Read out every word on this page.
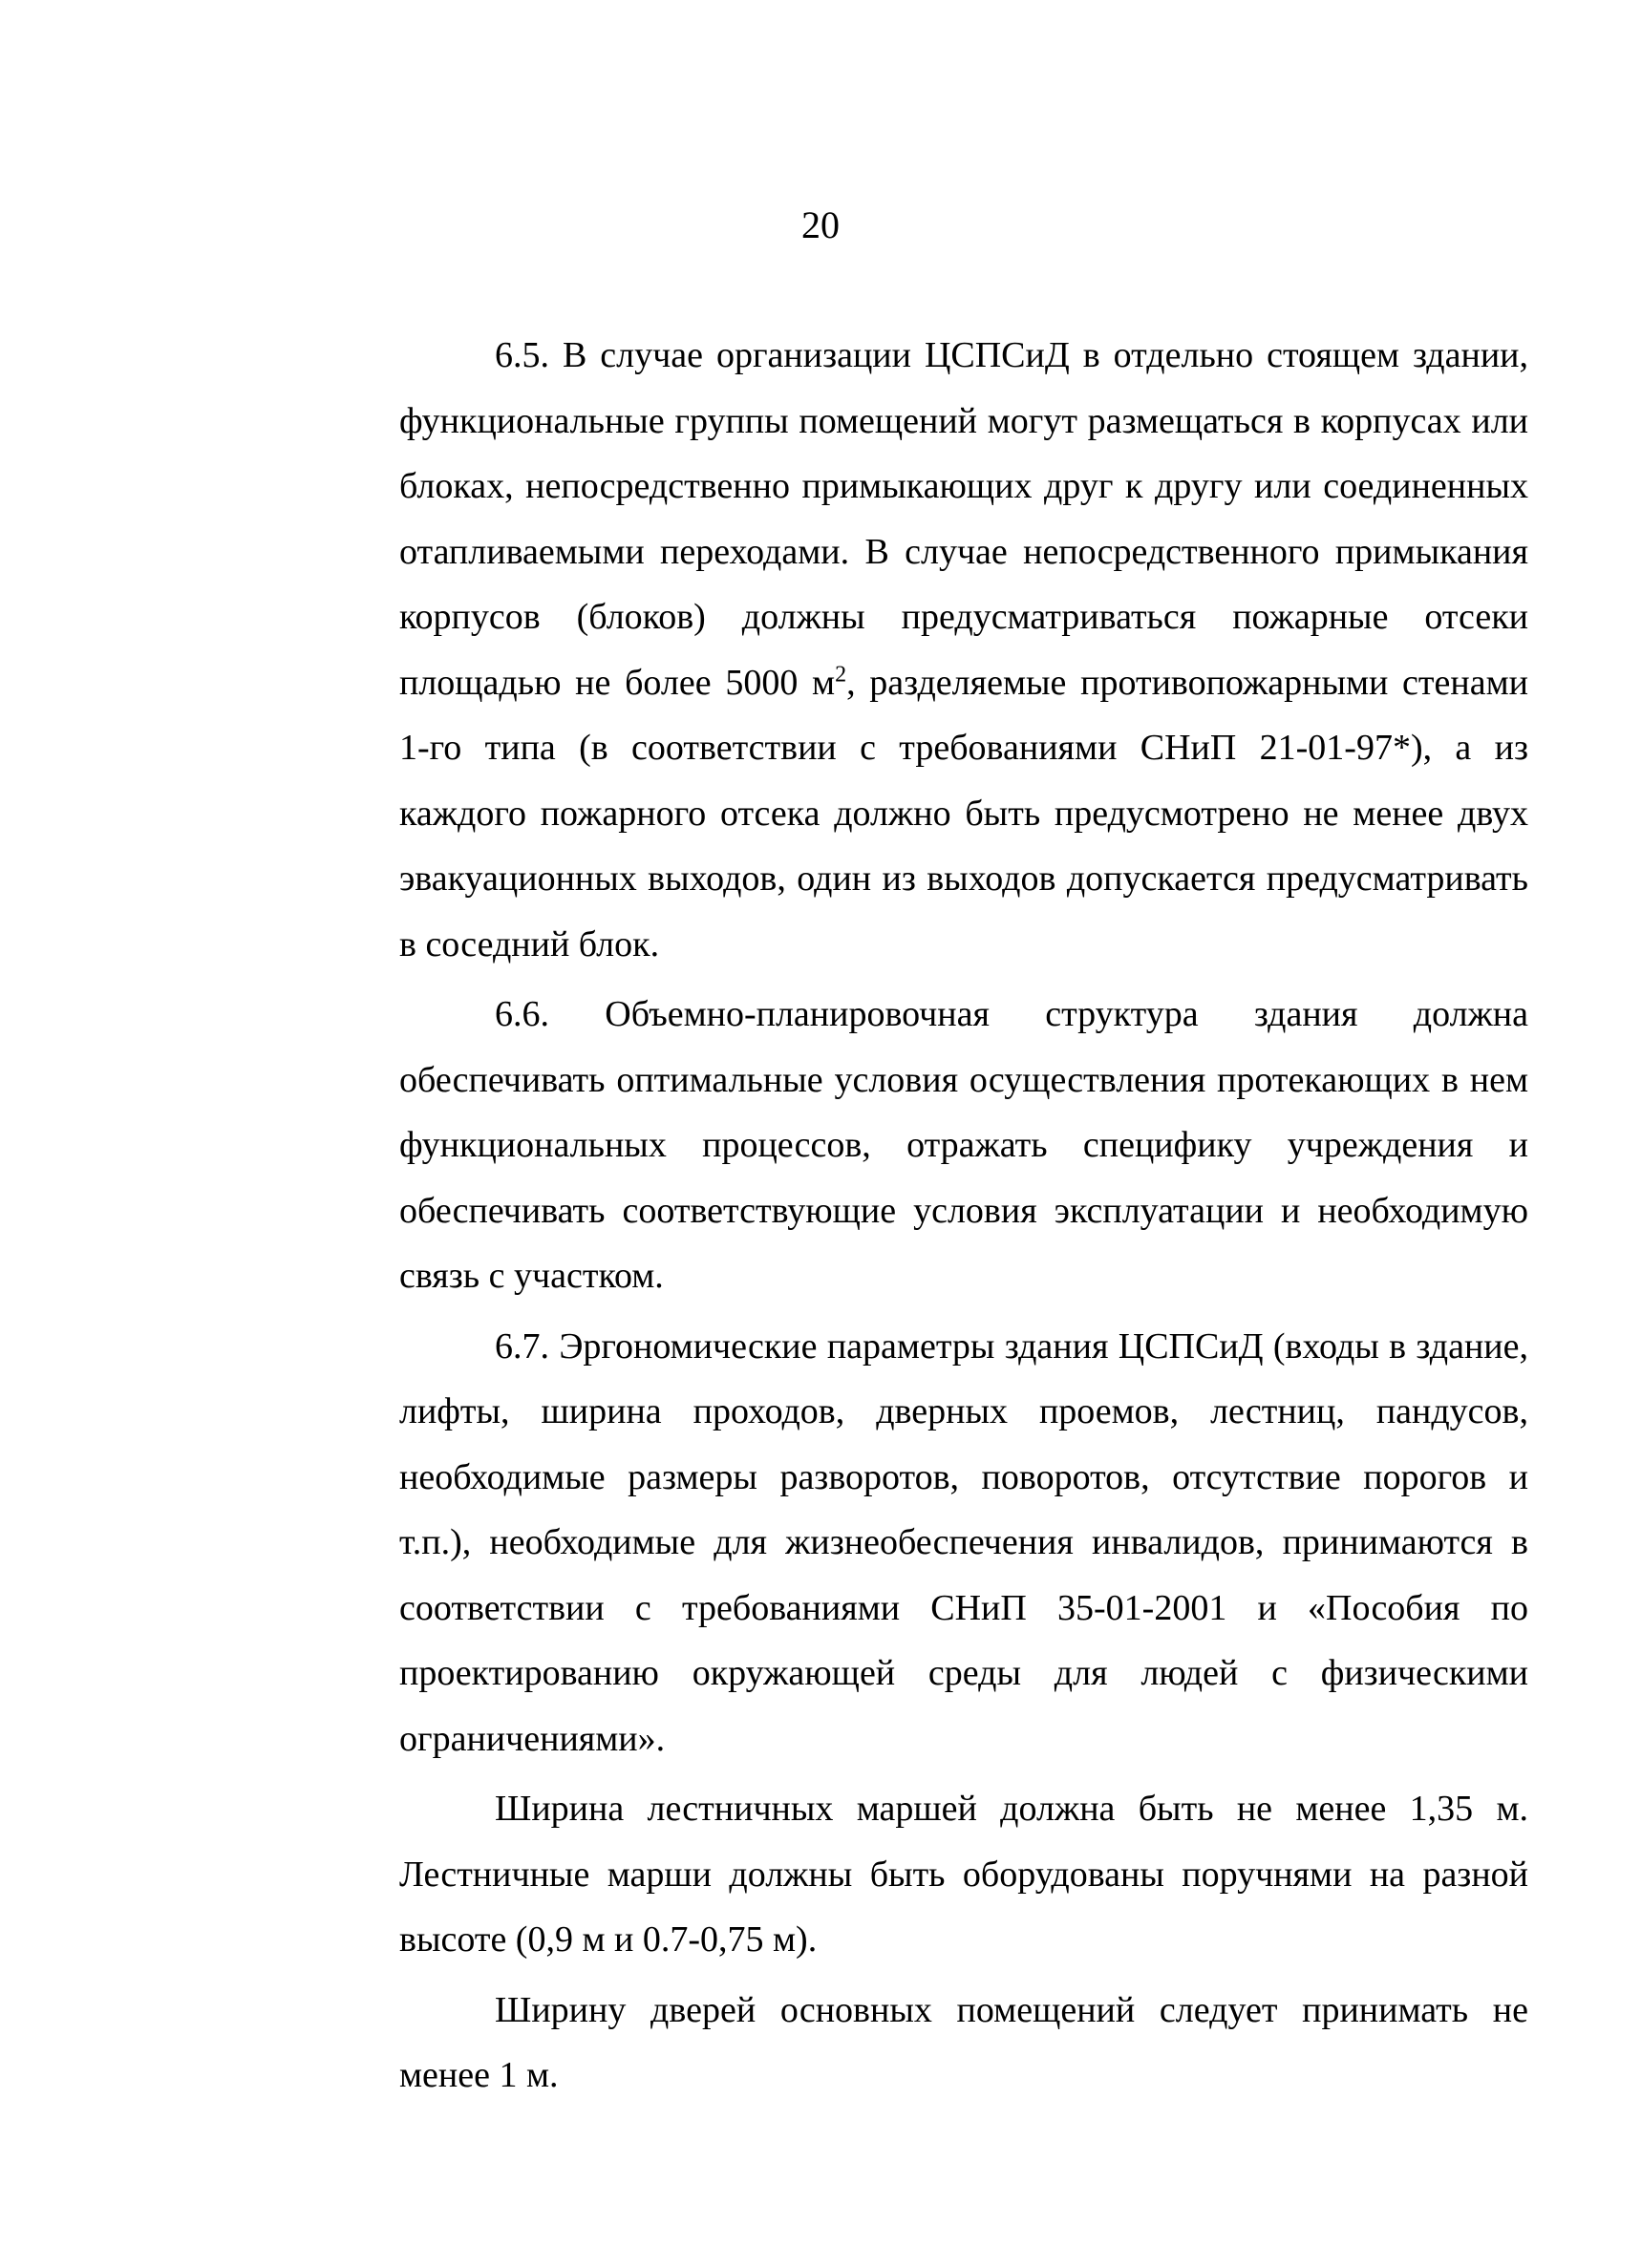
20

6.5. В случае организации ЦСПСиД в отдельно стоящем здании, функциональные группы помещений могут размещаться в корпусах или блоках, непосредственно примыкающих друг к другу или соединенных отапливаемыми переходами. В случае непосредственного примыкания корпусов (блоков) должны предусматриваться пожарные отсеки площадью не более 5000 $м^2$, разделяемые противопожарными стенами 1-го типа (в соответствии с требованиями СНиП 21-01-97*), а из каждого пожарного отсека должно быть предусмотрено не менее двух эвакуационных выходов, один из выходов допускается предусматривать в соседний блок.

6.6. Объемно-планировочная структура здания должна обеспечивать оптимальные условия осуществления протекающих в нем функциональных процессов, отражать специфику учреждения и обеспечивать соответствующие условия эксплуатации и необходимую связь с участком.

6.7. Эргономические параметры здания ЦСПСиД (входы в здание, лифты, ширина проходов, дверных проемов, лестниц, пандусов, необходимые размеры разворотов, поворотов, отсутствие порогов и т.п.), необходимые для жизнеобеспечения инвалидов, принимаются в соответствии с требованиями СНиП 35-01-2001 и «Пособия по проектированию окружающей среды для людей с физическими ограничениями».

Ширина лестничных маршей должна быть не менее 1,35 м. Лестничные марши должны быть оборудованы поручнями на разной высоте (0,9 м и 0.7-0,75 м).

Ширину дверей основных помещений следует принимать не менее 1 м.
